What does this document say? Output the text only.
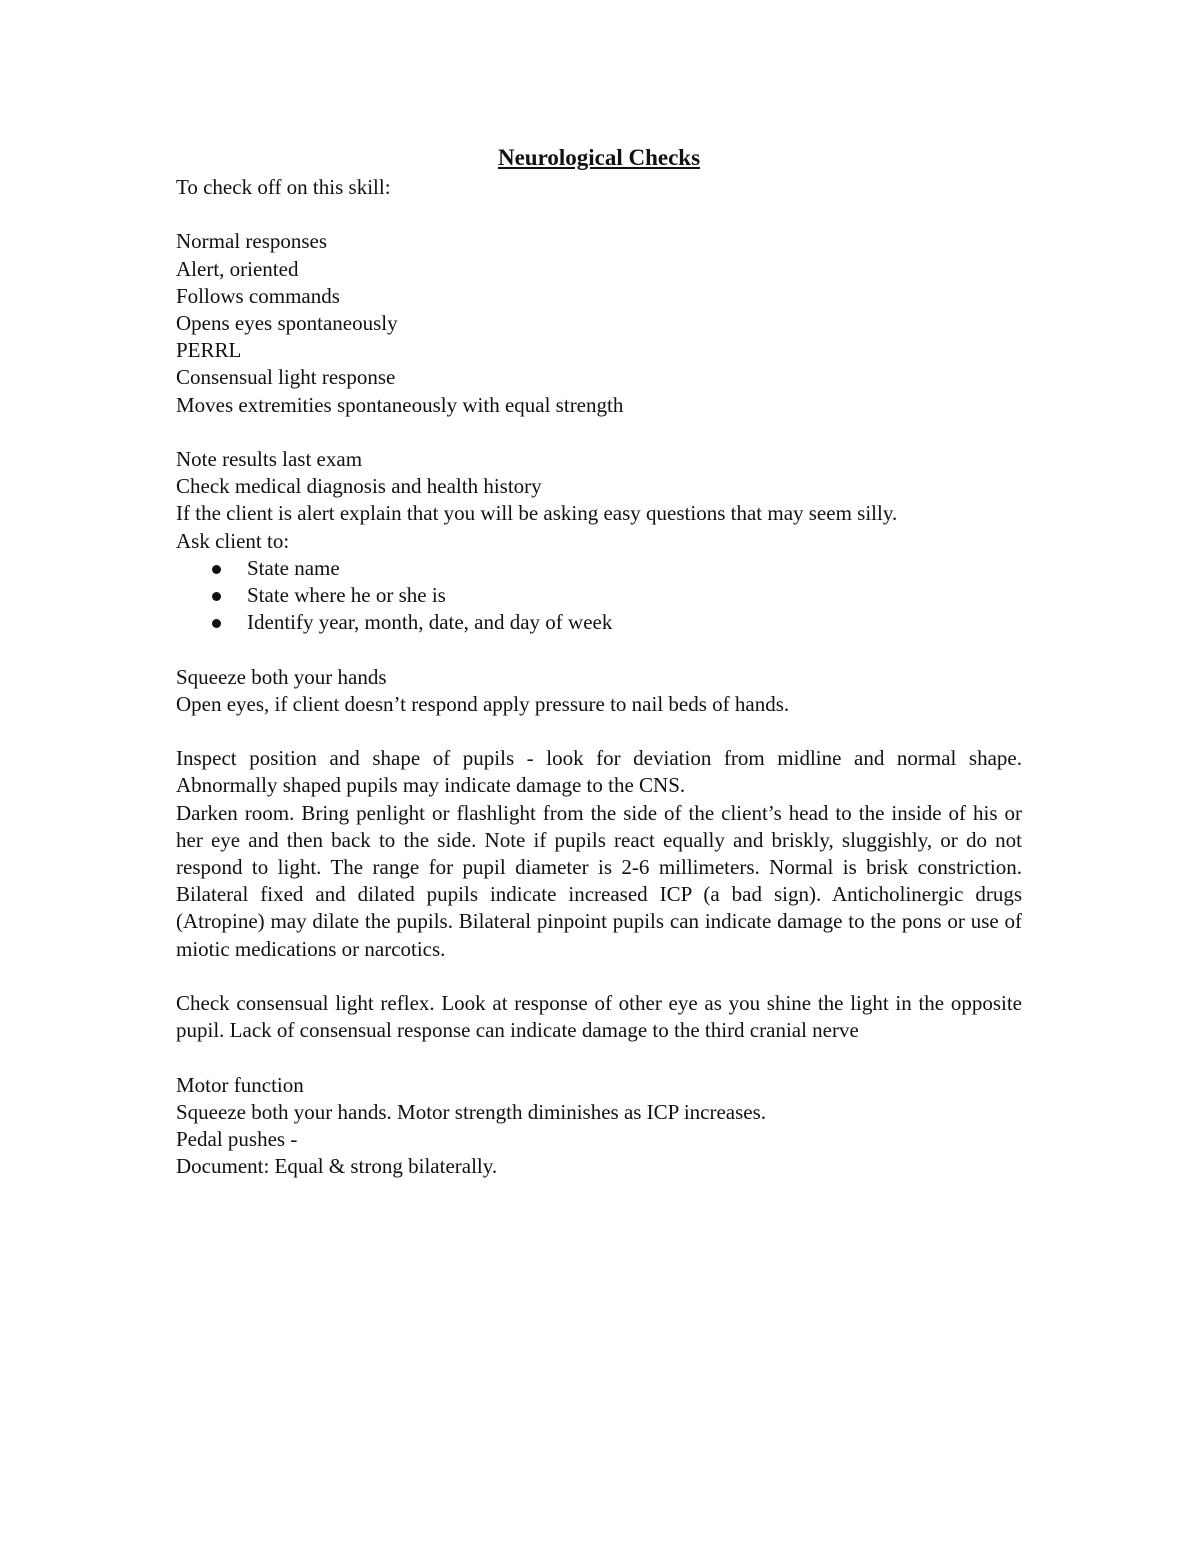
Neurological Checks

To check off on this skill:

Normal responses

Alert, oriented

Follows commands

Opens eyes spontaneously

PERRL

Consensual light response

Moves extremities spontaneously with equal strength

Note results last exam

Check medical diagnosis and health history

If the client is alert explain that you will be asking easy questions that may seem silly.

Ask client to:

State name
State where he or she is
Identify year, month, date, and day of week

Squeeze both your hands

Open eyes, if client doesn’t respond apply pressure to nail beds of hands.

Inspect position and shape of pupils - look for deviation from midline and normal shape. Abnormally shaped pupils may indicate damage to the CNS.

Darken room. Bring penlight or flashlight from the side of the client’s head to the inside of his or her eye and then back to the side. Note if pupils react equally and briskly, sluggishly, or do not respond to light. The range for pupil diameter is 2-6 millimeters. Normal is brisk constriction. Bilateral fixed and dilated pupils indicate increased ICP (a bad sign). Anticholinergic drugs (Atropine) may dilate the pupils. Bilateral pinpoint pupils can indicate damage to the pons or use of miotic medications or narcotics.

Check consensual light reflex. Look at response of other eye as you shine the light in the opposite pupil. Lack of consensual response can indicate damage to the third cranial nerve

Motor function

Squeeze both your hands. Motor strength diminishes as ICP increases.

Pedal pushes -

Document: Equal & strong bilaterally.
